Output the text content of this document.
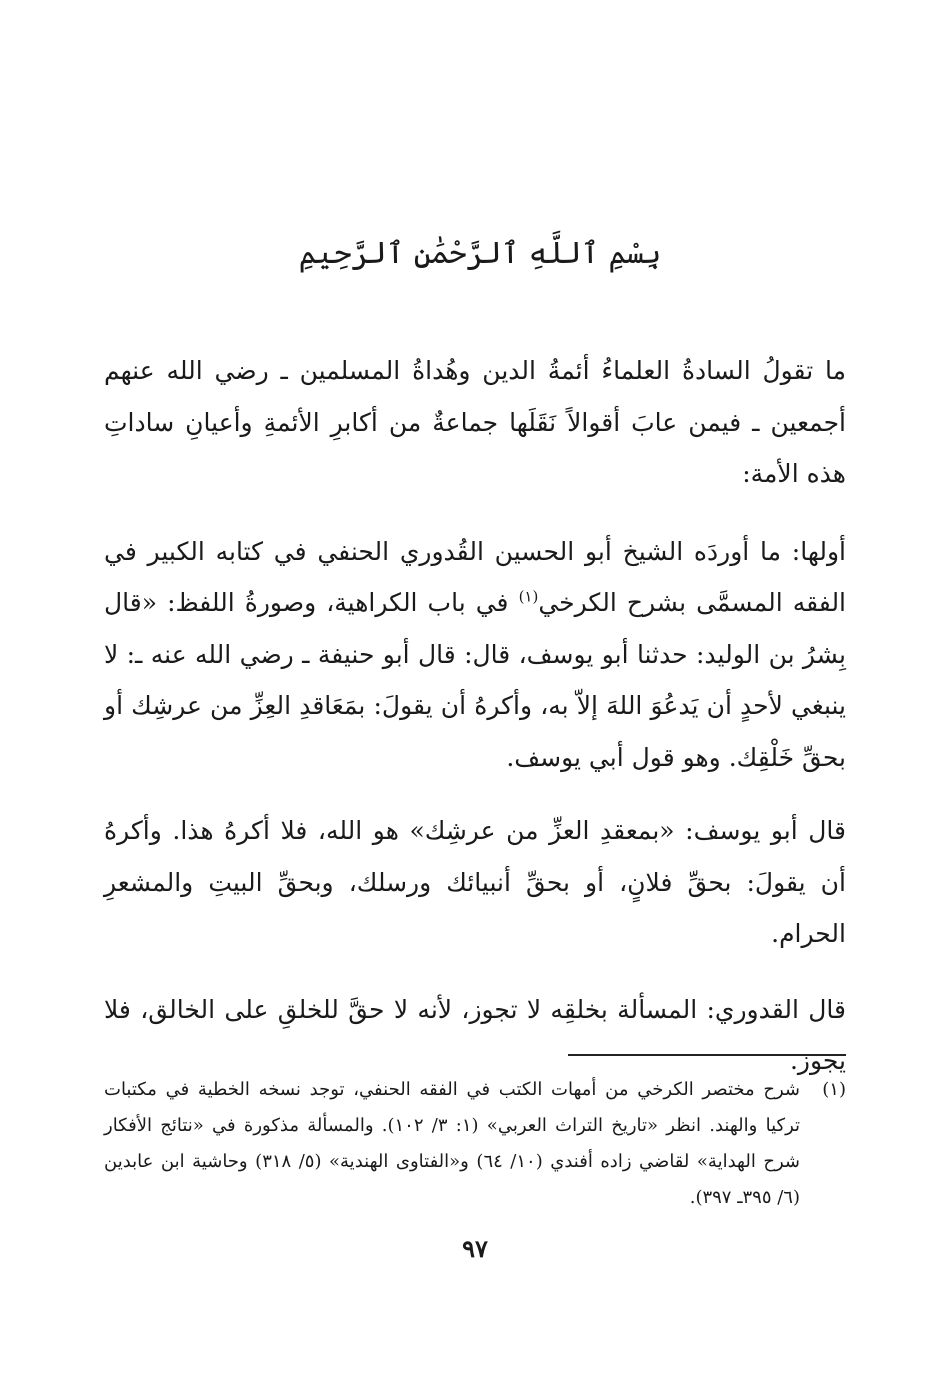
بِسْمِ ٱللَّهِ ٱلرَّحْمَٰنِ ٱلرَّحِيمِ

ما تقولُ السادةُ العلماءُ أئمةُ الدين وهُداةُ المسلمين ـ رضي الله عنهم أجمعين ـ فيمن عابَ أقوالاً نَقَلَها جماعةٌ من أكابرِ الأئمةِ وأعيانِ ساداتِ هذه الأمة:

أولها: ما أوردَه الشيخ أبو الحسين القُدوري الحنفي في كتابه الكبير في الفقه المسمَّى بشرح الكرخي$^{(١)}$ في باب الكراهية، وصورةُ اللفظ: «قال بِشرُ بن الوليد: حدثنا أبو يوسف، قال: قال أبو حنيفة ـ رضي الله عنه ـ: لا ينبغي لأحدٍ أن يَدعُوَ اللهَ إلاّ به، وأكرهُ أن يقولَ: بمَعَاقدِ العِزِّ من عرشِك أو بحقِّ خَلْقِك. وهو قول أبي يوسف.

قال أبو يوسف: «بمعقدِ العزِّ من عرشِك» هو الله، فلا أكرهُ هذا. وأكرهُ أن يقولَ: بحقِّ فلانٍ، أو بحقِّ أنبيائك ورسلك، وبحقِّ البيتِ والمشعرِ الحرام.

قال القدوري: المسألة بخلقِه لا تجوز، لأنه لا حقَّ للخلقِ على الخالق، فلا يجوز.

(١)
شرح مختصر الكرخي من أمهات الكتب في الفقه الحنفي، توجد نسخه الخطية في مكتبات تركيا والهند. انظر «تاريخ التراث العربي» (١: ٣/ ١٠٢). والمسألة مذكورة في «نتائج الأفكار شرح الهداية» لقاضي زاده أفندي (١٠/ ٦٤) و«الفتاوى الهندية» (٥/ ٣١٨) وحاشية ابن عابدين (٦/ ٣٩٥ـ ٣٩٧).
٩٧
